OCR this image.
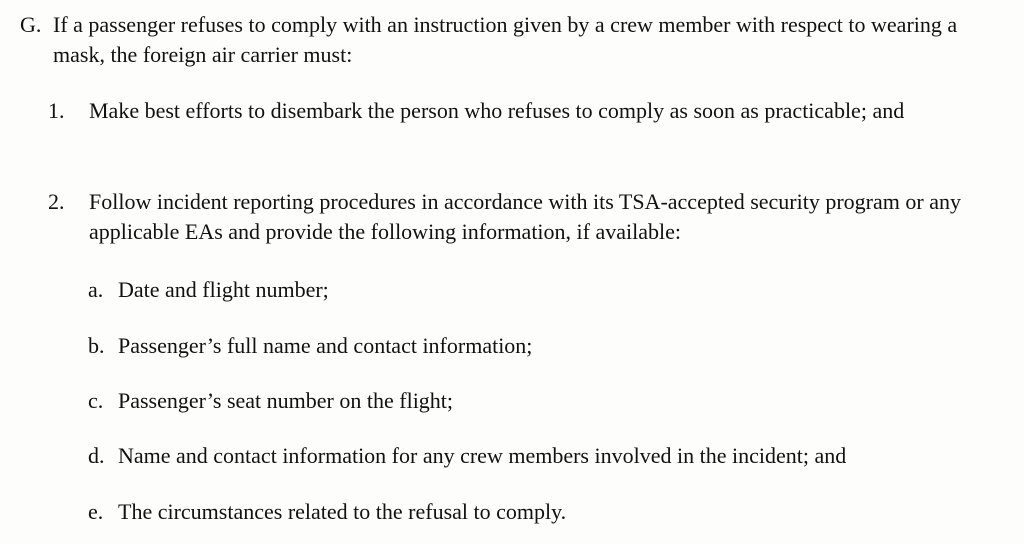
G. If a passenger refuses to comply with an instruction given by a crew member with respect to wearing a mask, the foreign air carrier must:
1.	Make best efforts to disembark the person who refuses to comply as soon as practicable; and
2.	Follow incident reporting procedures in accordance with its TSA-accepted security program or any applicable EAs and provide the following information, if available:
a. Date and flight number;
b. Passenger’s full name and contact information;
c. Passenger’s seat number on the flight;
d. Name and contact information for any crew members involved in the incident; and
e. The circumstances related to the refusal to comply.
